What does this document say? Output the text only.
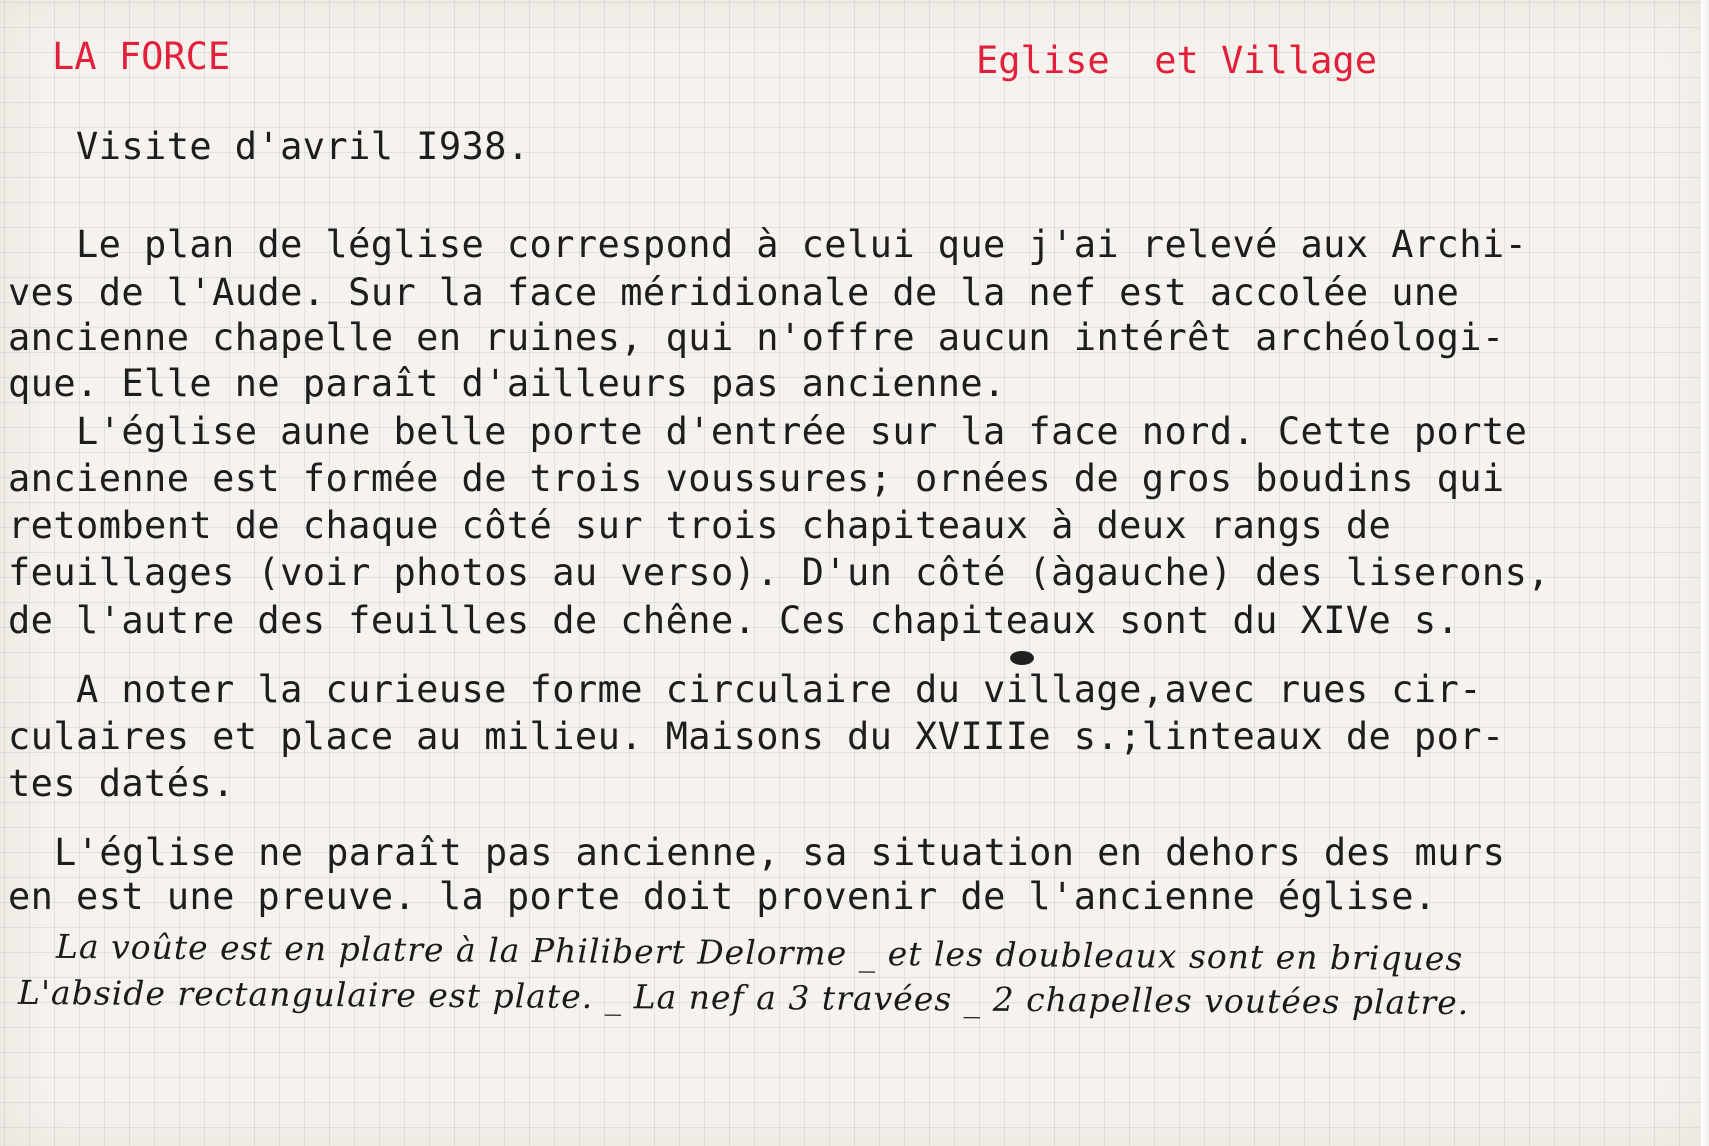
LA FORCE	Eglise  et Village
Visite d'avril I938.
Le plan de léglise correspond à celui que j'ai relevé aux Archi-
ves de l'Aude. Sur la face méridionale de la nef est accolée une
ancienne chapelle en ruines, qui n'offre aucun intérêt archéologi-
que. Elle ne paraît d'ailleurs pas ancienne.
L'église aune belle porte d'entrée sur la face nord. Cette porte
ancienne est formée de trois voussures; ornées de gros boudins qui
retombent de chaque côté sur trois chapiteaux à deux rangs de
feuillages (voir photos au verso). D'un côté (àgauche) des liserons,
de l'autre des feuilles de chêne. Ces chapiteaux sont du XIVe s.
A noter la curieuse forme circulaire du village,avec rues cir-
culaires et place au milieu. Maisons du XVIIIe s.;linteaux de por-
tes datés.
L'église ne paraît pas ancienne, sa situation en dehors des murs
en est une preuve. la porte doit provenir de l'ancienne église.
La voûte est en platre à la Philibert Delorme _ et les doubleaux sont en briques
L'abside rectangulaire est plate. _ La nef a 3 travées _ 2 chapelles voutées platre.
